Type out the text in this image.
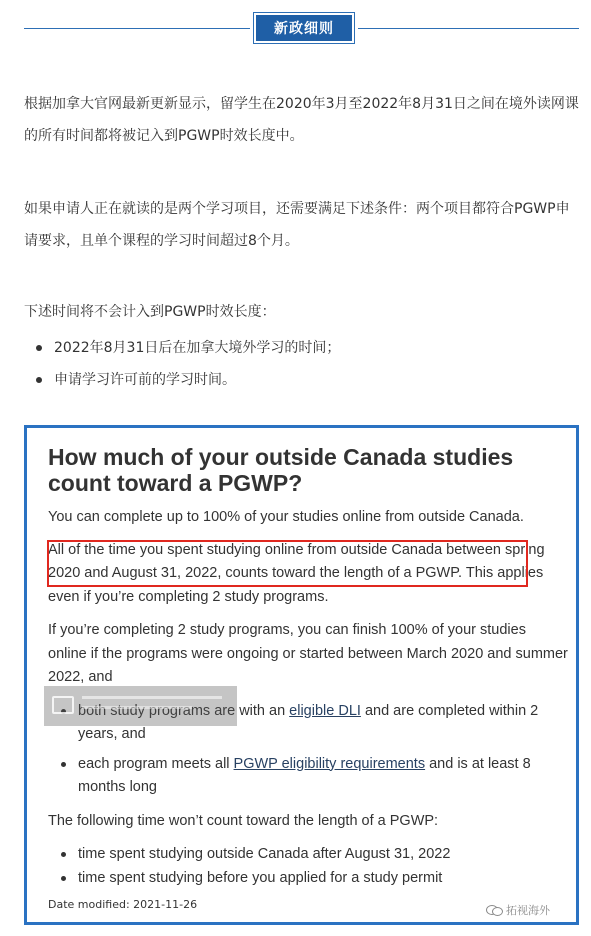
新政细则

根据加拿大官网最新更新显示，留学生在2020年3月至2022年8月31日之间在境外读网课的所有时间都将被记入到PGWP时效长度中。

如果申请人正在就读的是两个学习项目，还需要满足下述条件：两个项目都符合PGWP申请要求，且单个课程的学习时间超过8个月。

下述时间将不会计入到PGWP时效长度：

2022年8月31日后在加拿大境外学习的时间；
申请学习许可前的学习时间。
How much of your outside Canada studies count toward a PGWP?

You can complete up to 100% of your studies online from outside Canada.

All of the time you spent studying online from outside Canada between spring 2020 and August 31, 2022, counts toward the length of a PGWP. This applies even if you’re completing 2 study programs.

If you’re completing 2 study programs, you can finish 100% of your studies online if the programs were ongoing or started between March 2020 and summer 2022, and

both study programs are with an eligible DLI and are completed within 2 years, and
each program meets all PGWP eligibility requirements and is at least 8 months long

The following time won’t count toward the length of a PGWP:

time spent studying outside Canada after August 31, 2022
time spent studying before you applied for a study permit
Date modified: 2021-11-26	拓视海外
